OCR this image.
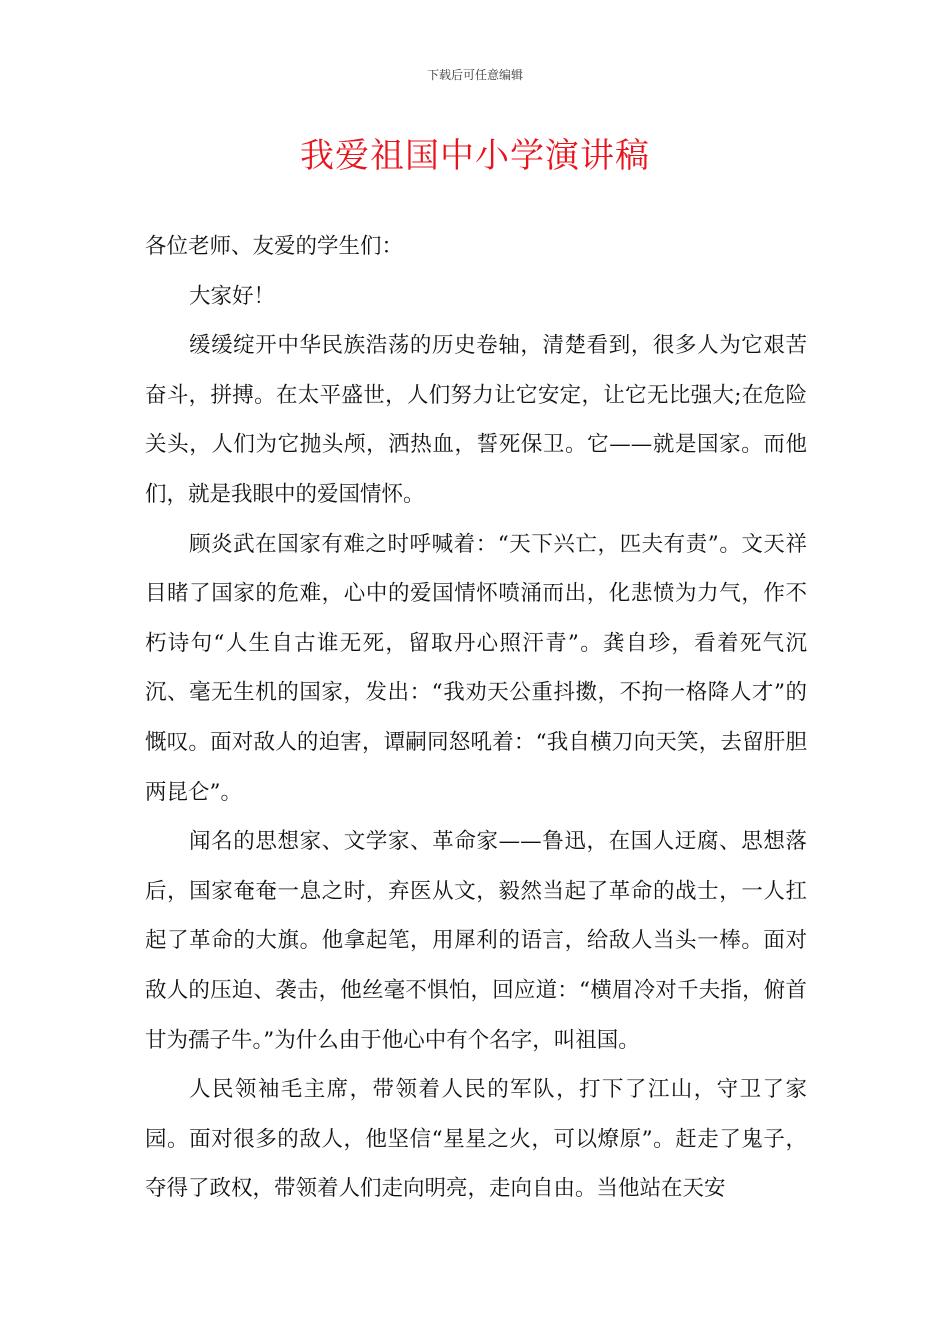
下载后可任意编辑
我爱祖国中小学演讲稿

各位老师、友爱的学生们：

大家好！

缓缓绽开中华民族浩荡的历史卷轴，清楚看到，很多人为它艰苦奋斗，拼搏。在太平盛世，人们努力让它安定，让它无比强大;在危险关头，人们为它抛头颅，洒热血，誓死保卫。它——就是国家。而他们，就是我眼中的爱国情怀。

顾炎武在国家有难之时呼喊着：“天下兴亡，匹夫有责”。文天祥目睹了国家的危难，心中的爱国情怀喷涌而出，化悲愤为力气，作不朽诗句“人生自古谁无死，留取丹心照汗青”。龚自珍，看着死气沉沉、毫无生机的国家，发出：“我劝天公重抖擞，不拘一格降人才”的慨叹。面对敌人的迫害，谭嗣同怒吼着：“我自横刀向天笑，去留肝胆两昆仑”。

闻名的思想家、文学家、革命家——鲁迅，在国人迂腐、思想落后，国家奄奄一息之时，弃医从文，毅然当起了革命的战士，一人扛起了革命的大旗。他拿起笔，用犀利的语言，给敌人当头一棒。面对敌人的压迫、袭击，他丝毫不惧怕，回应道：“横眉冷对千夫指，俯首甘为孺子牛。”为什么由于他心中有个名字，叫祖国。

人民领袖毛主席，带领着人民的军队，打下了江山，守卫了家园。面对很多的敌人，他坚信“星星之火，可以燎原”。赶走了鬼子，夺得了政权，带领着人们走向明亮，走向自由。当他站在天安
